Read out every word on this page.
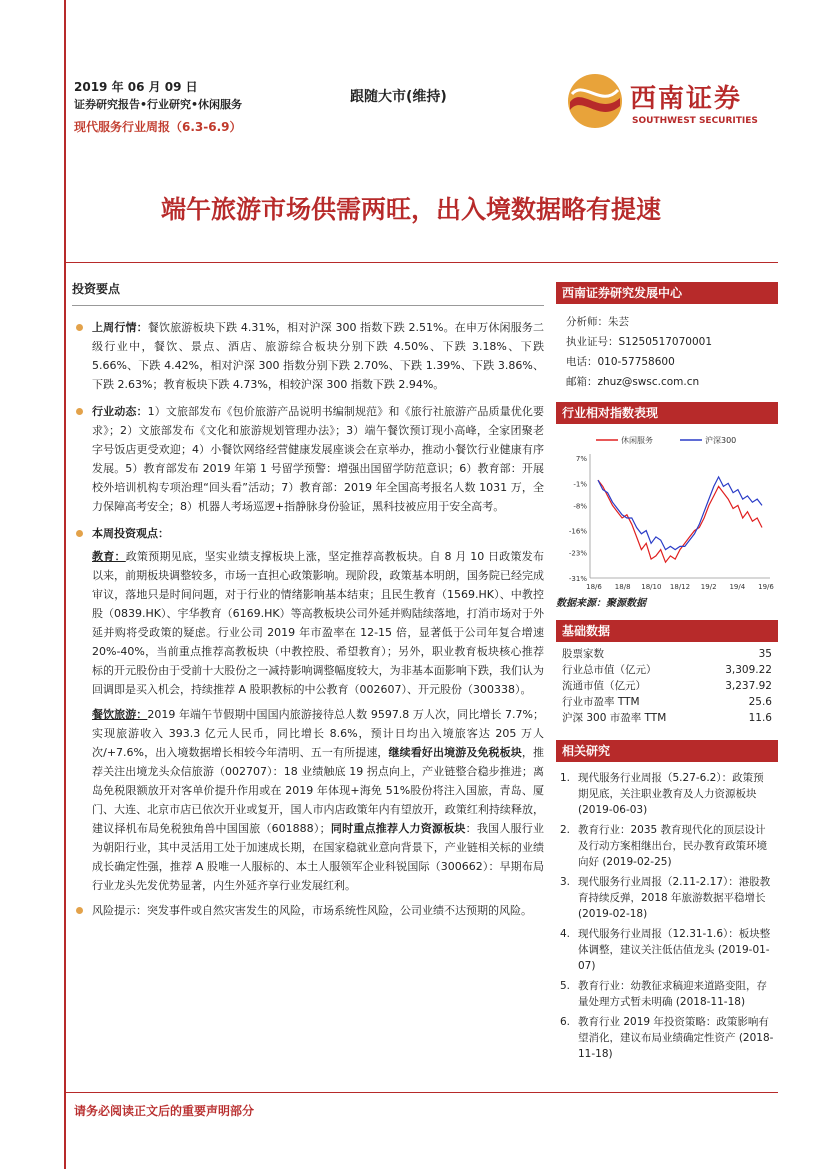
2019 年 06 月 09 日
证券研究报告•行业研究•休闲服务
现代服务行业周报（6.3-6.9）
跟随大市(维持)	西南证券
SOUTHWEST SECURITIES
端午旅游市场供需两旺，出入境数据略有提速
投资要点
上周行情：餐饮旅游板块下跌 4.31%，相对沪深 300 指数下跌 2.51%。在申万休闲服务二级行业中，餐饮、景点、酒店、旅游综合板块分别下跌 4.50%、下跌 3.18%、下跌 5.66%、下跌 4.42%，相对沪深 300 指数分别下跌 2.70%、下跌 1.39%、下跌 3.86%、下跌 2.63%；教育板块下跌 4.73%，相较沪深 300 指数下跌 2.94%。
行业动态：1）文旅部发布《包价旅游产品说明书编制规范》和《旅行社旅游产品质量优化要求》；2）文旅部发布《文化和旅游规划管理办法》；3）端午餐饮预订现小高峰，全家团聚老字号饭店更受欢迎；4）小餐饮网络经营健康发展座谈会在京举办，推动小餐饮行业健康有序发展。5）教育部发布 2019 年第 1 号留学预警：增强出国留学防范意识；6）教育部：开展校外培训机构专项治理“回头看”活动；7）教育部：2019 年全国高考报名人数 1031 万，全力保障高考安全；8）机器人考场巡逻+指静脉身份验证，黑科技被应用于安全高考。
本周投资观点：
教育：政策预期见底，坚实业绩支撑板块上涨，坚定推荐高教板块。自 8 月 10 日政策发布以来，前期板块调整较多，市场一直担心政策影响。现阶段，政策基本明朗，国务院已经完成审议，落地只是时间问题，对于行业的情绪影响基本结束；且民生教育（1569.HK）、中教控股（0839.HK）、宇华教育（6169.HK）等高教板块公司外延并购陆续落地，打消市场对于外延并购将受政策的疑虑。行业公司 2019 年市盈率在 12-15 倍，显著低于公司年复合增速 20%-40%，当前重点推荐高教板块（中教控股、希望教育）；另外，职业教育板块核心推荐标的开元股份由于受前十大股份之一减持影响调整幅度较大，为非基本面影响下跌，我们认为回调即是买入机会，持续推荐 A 股职教标的中公教育（002607）、开元股份（300338）。
餐饮旅游：2019 年端午节假期中国国内旅游接待总人数 9597.8 万人次，同比增长 7.7%；实现旅游收入 393.3 亿元人民币，同比增长 8.6%，预计日均出入境旅客达 205 万人次/+7.6%，出入境数据增长相较今年清明、五一有所提速，继续看好出境游及免税板块，推荐关注出境龙头众信旅游（002707）：18 业绩触底 19 拐点向上，产业链整合稳步推进；离岛免税限额放开对客单价提升作用或在 2019 年体现+海免 51%股份将注入国旅，青岛、厦门、大连、北京市店已依次开业或复开，国人市内店政策年内有望放开，政策红利持续释放，建议择机布局免税独角兽中国国旅（601888）；同时重点推荐人力资源板块：我国人服行业为朝阳行业，其中灵活用工处于加速成长期，在国家稳就业意向背景下，产业链相关标的业绩成长确定性强，推荐 A 股唯一人服标的、本土人服领军企业科锐国际（300662）：早期布局行业龙头先发优势显著，内生外延齐享行业发展红利。
风险提示：突发事件或自然灾害发生的风险，市场系统性风险，公司业绩不达预期的风险。
西南证券研究发展中心
分析师：朱芸
执业证号：S1250517070001
电话：010-57758600
邮箱：zhuz@swsc.com.cn
行业相对指数表现
休闲服务	沪深300
7%
-1%
-8%
-16%
-23%
-31%
18/6 18/8 18/10 18/12 19/2 19/4 19/6
数据来源：聚源数据
基础数据
股票家数	35
行业总市值（亿元）	3,309.22
流通市值（亿元）	3,237.92
行业市盈率 TTM	25.6
沪深 300 市盈率 TTM	11.6
相关研究
1. 现代服务行业周报（5.27-6.2）：政策预期见底，关注职业教育及人力资源板块 (2019-06-03)
2. 教育行业：2035 教育现代化的顶层设计及行动方案相继出台，民办教育政策环境向好 (2019-02-25)
3. 现代服务行业周报（2.11-2.17）：港股教育持续反弹，2018 年旅游数据平稳增长 (2019-02-18)
4. 现代服务行业周报（12.31-1.6）：板块整体调整，建议关注低估值龙头 (2019-01-07)
5. 教育行业：幼教征求稿迎来道路变阻，存量处理方式暂未明确 (2018-11-18)
6. 教育行业 2019 年投资策略：政策影响有望消化，建议布局业绩确定性资产 (2018-11-18)
请务必阅读正文后的重要声明部分
